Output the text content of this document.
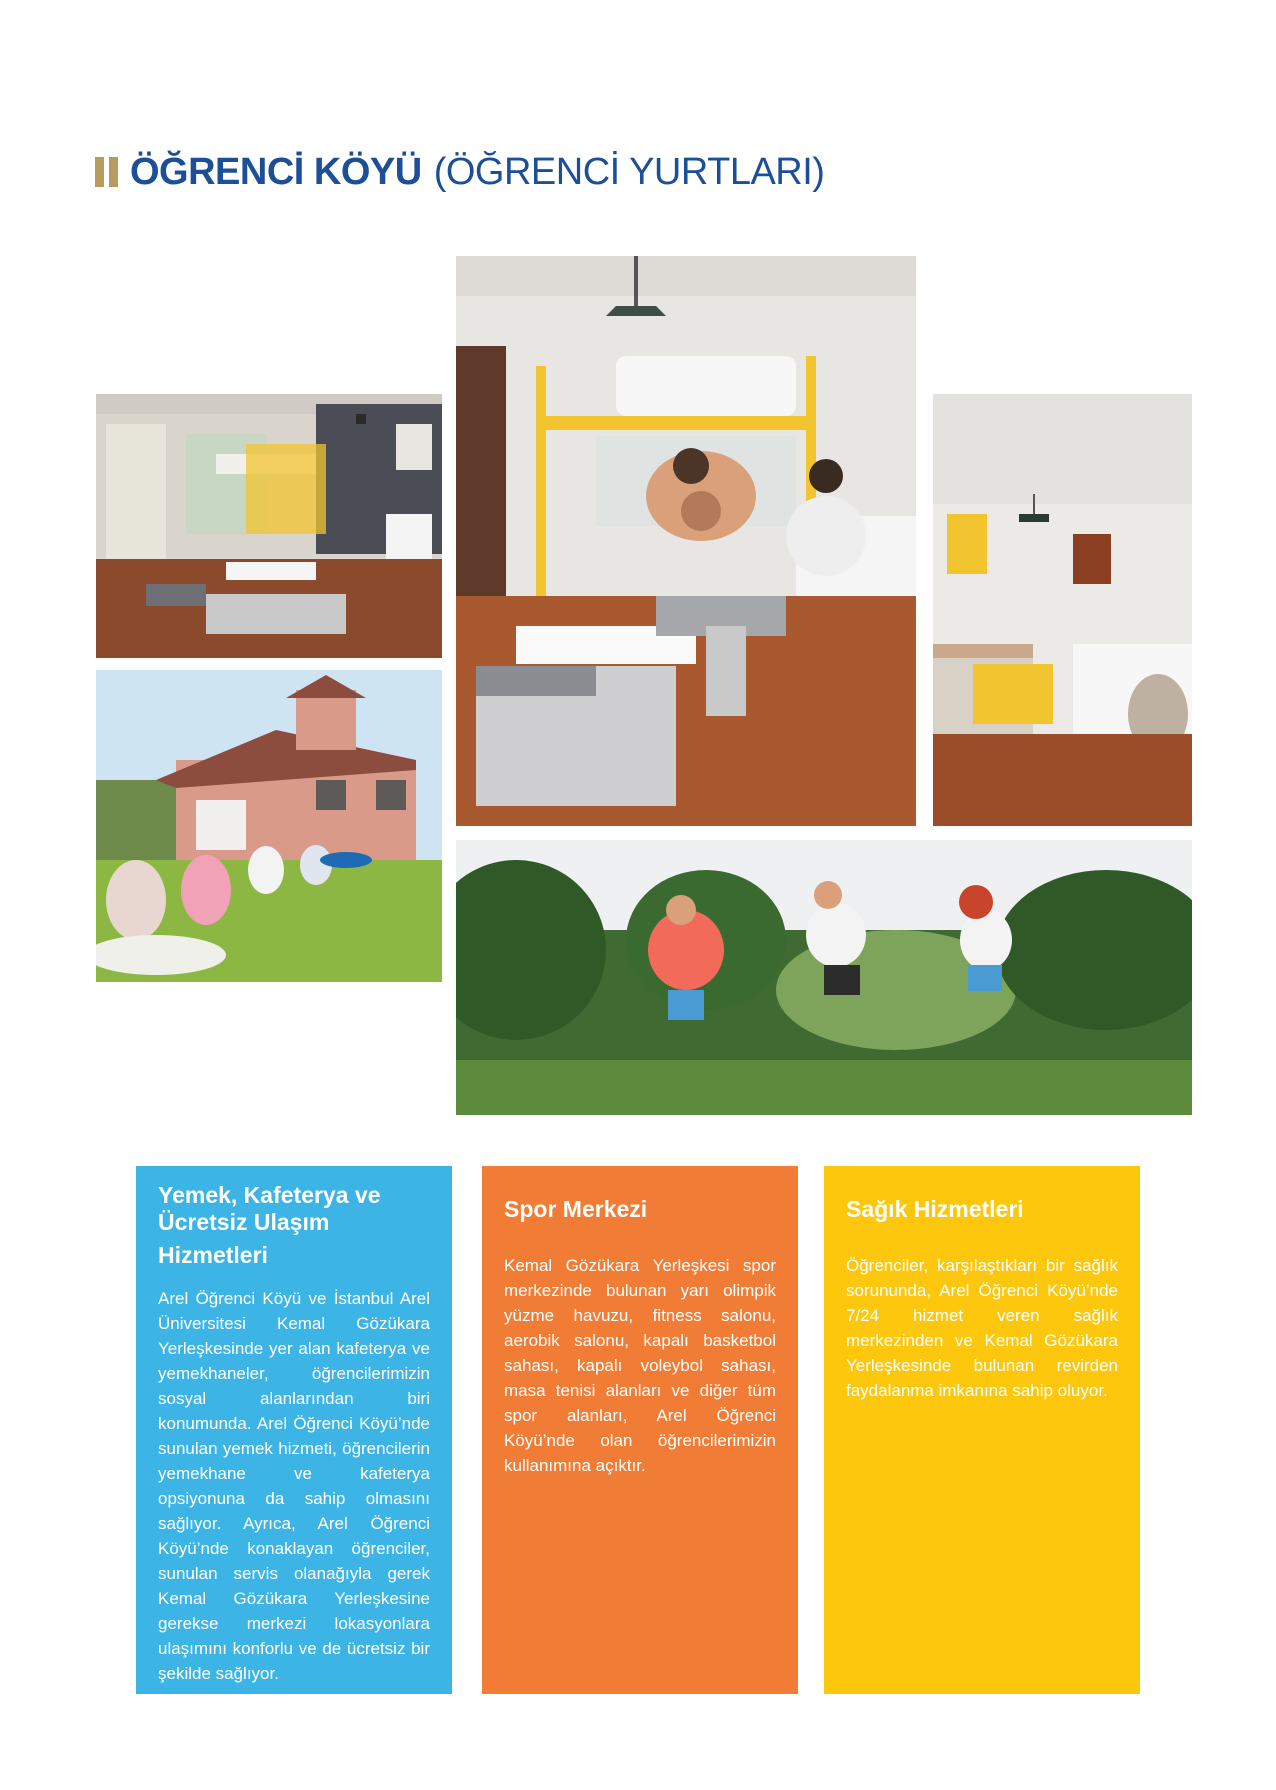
ÖĞRENCİ KÖYÜ (ÖĞRENCİ YURTLARI)
Yemek, Kafeterya ve
Ücretsiz Ulaşım
Hizmetleri

Arel Öğrenci Köyü ve İstanbul Arel Üniversitesi Kemal Gözükara Yerleşkesinde yer alan kafeterya ve yemekhaneler, öğrencilerimizin sosyal alanlarından biri konumunda. Arel Öğrenci Köyü’nde sunulan yemek hizmeti, öğrencilerin yemekhane ve kafeterya opsiyonuna da sahip olmasını sağlıyor. Ayrıca, Arel Öğrenci Köyü’nde konaklayan öğrenciler, sunulan servis olanağıyla gerek Kemal Gözükara Yerleşkesine gerekse merkezi lokasyonlara ulaşımını konforlu ve de ücretsiz bir şekilde sağlıyor.

Spor Merkezi

Kemal Gözükara Yerleşkesi spor merkezinde bulunan yarı olimpik yüzme havuzu, fitness salonu, aerobik salonu, kapalı basketbol sahası, kapalı voleybol sahası, masa tenisi alanları ve diğer tüm spor alanları, Arel Öğrenci Köyü’nde olan öğrencilerimizin kullanımına açıktır.

Sağık Hizmetleri

Öğrenciler, karşılaştıkları bir sağlık sorununda, Arel Öğrenci Köyü’nde 7/24 hizmet veren sağlık merkezinden ve Kemal Gözükara Yerleşkesinde bulunan revirden faydalanma imkanına sahip oluyor.
